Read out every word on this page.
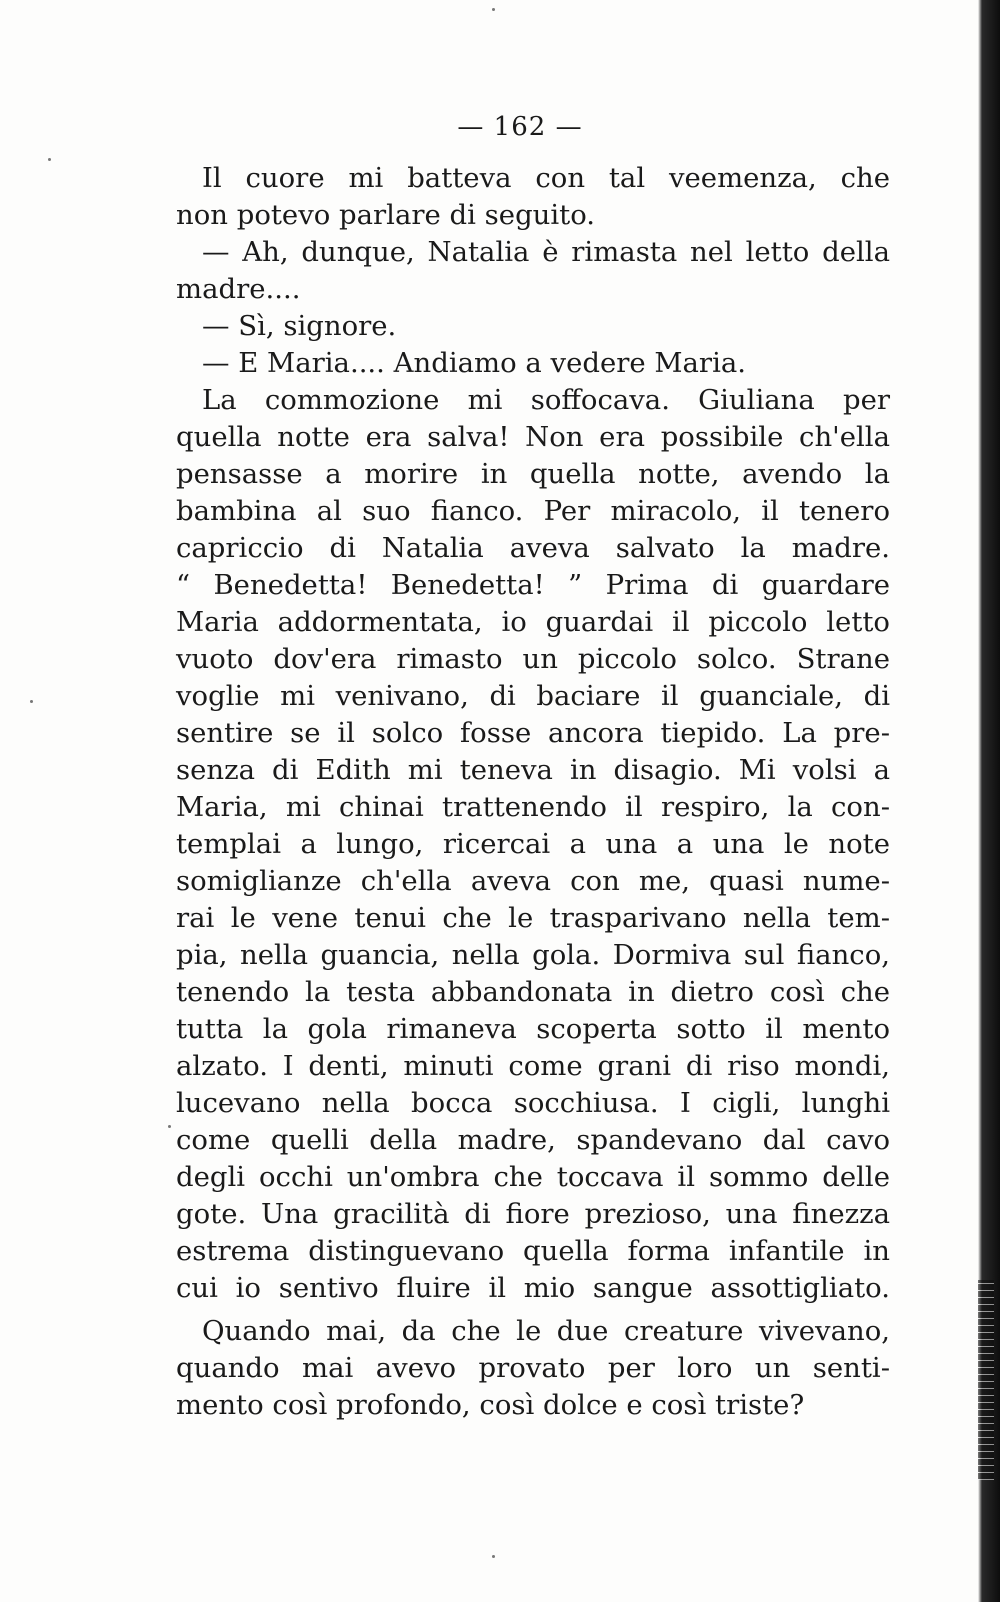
— 162 —
Il cuore mi batteva con tal veemenza, che
non potevo parlare di seguito.
— Ah, dunque, Natalia è rimasta nel letto della
madre....
— Sì, signore.
— E Maria.... Andiamo a vedere Maria.
La commozione mi soffocava. Giuliana per
quella notte era salva! Non era possibile ch'ella
pensasse a morire in quella notte, avendo la
bambina al suo fianco. Per miracolo, il tenero
capriccio di Natalia aveva salvato la madre.
“ Benedetta! Benedetta! ” Prima di guardare
Maria addormentata, io guardai il piccolo letto
vuoto dov'era rimasto un piccolo solco. Strane
voglie mi venivano, di baciare il guanciale, di
sentire se il solco fosse ancora tiepido. La pre-
senza di Edith mi teneva in disagio. Mi volsi a
Maria, mi chinai trattenendo il respiro, la con-
templai a lungo, ricercai a una a una le note
somiglianze ch'ella aveva con me, quasi nume-
rai le vene tenui che le trasparivano nella tem-
pia, nella guancia, nella gola. Dormiva sul fianco,
tenendo la testa abbandonata in dietro così che
tutta la gola rimaneva scoperta sotto il mento
alzato. I denti, minuti come grani di riso mondi,
lucevano nella bocca socchiusa. I cigli, lunghi
come quelli della madre, spandevano dal cavo
degli occhi un'ombra che toccava il sommo delle
gote. Una gracilità di fiore prezioso, una finezza
estrema distinguevano quella forma infantile in
cui io sentivo fluire il mio sangue assottigliato.
Quando mai, da che le due creature vivevano,
quando mai avevo provato per loro un senti-
mento così profondo, così dolce e così triste?
